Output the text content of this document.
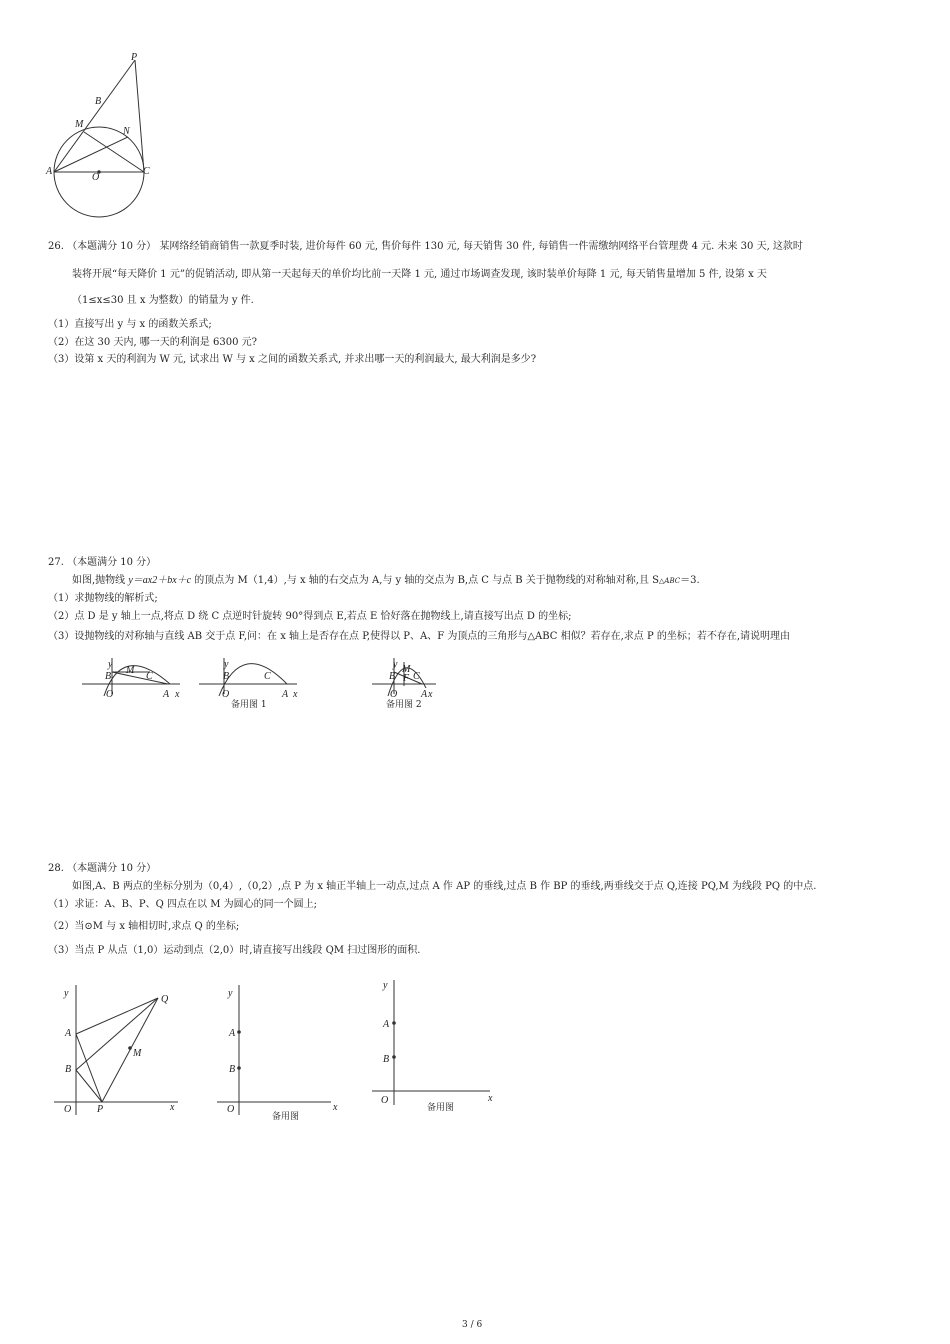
P
B
M
N
A
O
C
26. （本题满分 10 分） 某网络经销商销售一款夏季时装, 进价每件 60 元, 售价每件 130 元, 每天销售 30 件, 每销售一件需缴纳网络平台管理费 4 元. 未来 30 天, 这款时
装将开展“每天降价 1 元”的促销活动, 即从第一天起每天的单价均比前一天降 1 元, 通过市场调查发现, 该时装单价每降 1 元, 每天销售量增加 5 件, 设第 x 天
（1≤x≤30 且 x 为整数）的销量为 y 件.
（1）直接写出 y 与 x 的函数关系式;
（2）在这 30 天内, 哪一天的利润是 6300 元?
（3）设第 x 天的利润为 W 元, 试求出 W 与 x 之间的函数关系式, 并求出哪一天的利润最大, 最大利润是多少?
27. （本题满分 10 分）
如图,抛物线 y＝ax2＋bx＋c 的顶点为 M（1,4）,与 x 轴的右交点为 A,与 y 轴的交点为 B,点 C 与点 B 关于抛物线的对称轴对称,且 S△ABC＝3.
（1）求抛物线的解析式;
（2）点 D 是 y 轴上一点,将点 D 绕 C 点逆时针旋转 90°得到点 E,若点 E 恰好落在抛物线上,请直接写出点 D 的坐标;
（3）设抛物线的对称轴与直线 AB 交于点 F,问：在 x 轴上是否存在点 P,使得以 P、A、F 为顶点的三角形与△ABC 相似？若存在,求点 P 的坐标；若不存在,请说明理由
y
M
B	C
O	A x
y
B	C
O	A x
备用图 1
y M
B F C
O A x
备用图 2
28. （本题满分 10 分）
如图,A、B 两点的坐标分别为（0,4）,（0,2）,点 P 为 x 轴正半轴上一动点,过点 A 作 AP 的垂线,过点 B 作 BP 的垂线,两垂线交于点 Q,连接 PQ,M 为线段 PQ 的中点.
（1）求证：A、B、P、Q 四点在以 M 为圆心的同一个圆上;
（2）当⊙M 与 x 轴相切时,求点 Q 的坐标;
（3）当点 P 从点（1,0）运动到点（2,0）时,请直接写出线段 QM 扫过图形的面积.
y
Q
A
M
B
O	P	x
y
A
B
O	x
备用图
y
A
B
O	x
备用图
3 / 6
